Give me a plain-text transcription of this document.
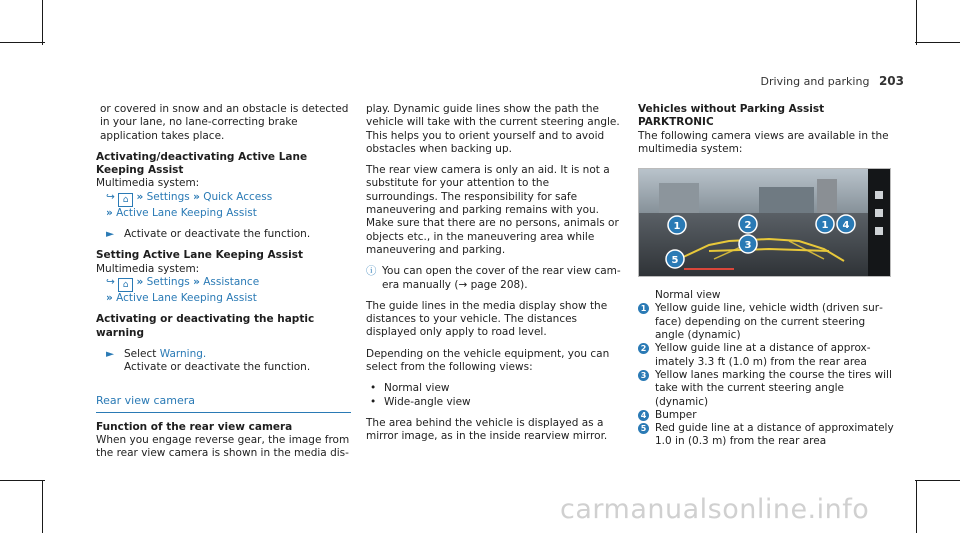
Driving and parking 203

or covered in snow and an obstacle is detected in your lane, no lane-correcting brake application takes place.

Activating/deactivating Active Lane Keeping Assist

Multimedia system:

↪ ⌂ » Settings » Quick Access
» Active Lane Keeping Assist
► Activate or deactivate the function.

Setting Active Lane Keeping Assist

Multimedia system:

↪ ⌂ » Settings » Assistance
» Active Lane Keeping Assist

Activating or deactivating the haptic warning

► Select Warning.

Activate or deactivate the function.

Rear view camera

Function of the rear view camera

When you engage reverse gear, the image from the rear view camera is shown in the media dis-

play. Dynamic guide lines show the path the vehicle will take with the current steering angle. This helps you to orient yourself and to avoid obstacles when backing up.

The rear view camera is only an aid. It is not a substitute for your attention to the surroundings. The responsibility for safe maneuvering and parking remains with you. Make sure that there are no persons, animals or objects etc., in the maneuvering area while maneuvering and parking.

ⓘ You can open the cover of the rear view camera manually (→ page 208).

The guide lines in the media display show the distances to your vehicle. The distances displayed only apply to road level.

Depending on the vehicle equipment, you can select from the following views:

• Normal view
• Wide-angle view

The area behind the vehicle is displayed as a mirror image, as in the inside rearview mirror.

Vehicles without Parking Assist PARKTRONIC

The following camera views are available in the multimedia system:

1	2	1 4
3
5

Normal view

1 Yellow guide line, vehicle width (driven surface) depending on the current steering angle (dynamic)
2 Yellow guide line at a distance of approximately 3.3 ft (1.0 m) from the rear area
3 Yellow lanes marking the course the tires will take with the current steering angle (dynamic)
4 Bumper
5 Red guide line at a distance of approximately 1.0 in (0.3 m) from the rear area
carmanualsonline.info
